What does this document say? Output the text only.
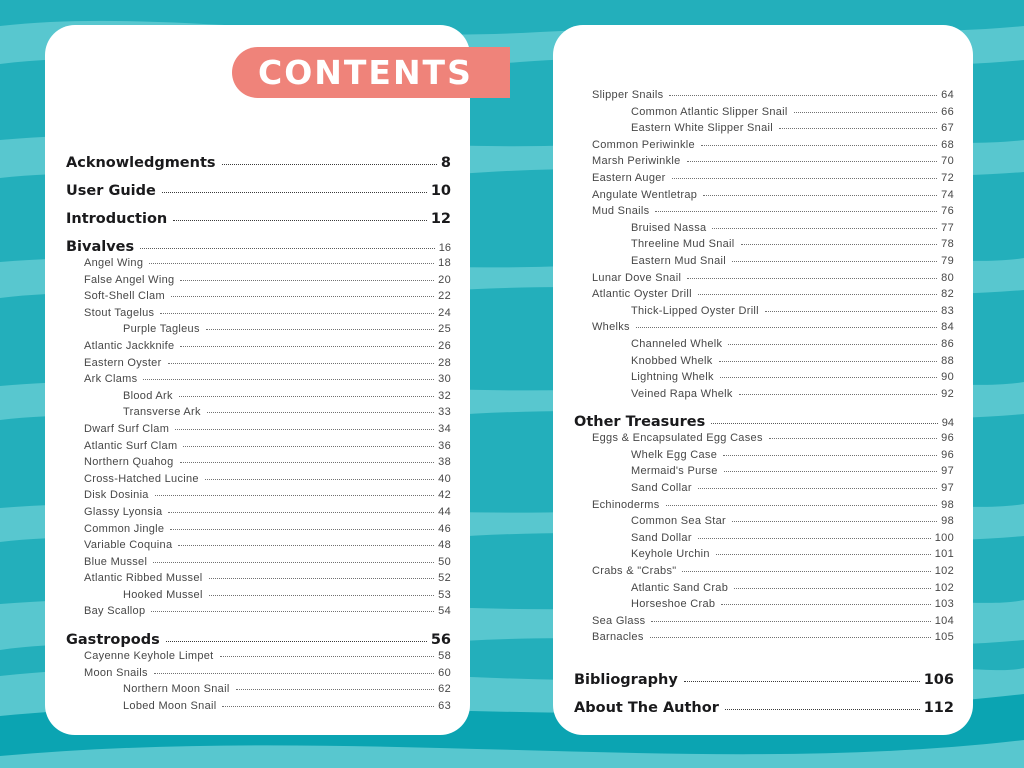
Acknowledgments	8
User Guide	10
Introduction	12
Bivalves	16
Angel Wing	18
False Angel Wing	20
Soft-Shell Clam	22
Stout Tagelus	24
Purple Tagleus	25
Atlantic Jackknife	26
Eastern Oyster	28
Ark Clams	30
Blood Ark	32
Transverse Ark	33
Dwarf Surf Clam	34
Atlantic Surf Clam	36
Northern Quahog	38
Cross-Hatched Lucine	40
Disk Dosinia	42
Glassy Lyonsia	44
Common Jingle	46
Variable Coquina	48
Blue Mussel	50
Atlantic Ribbed Mussel	52
Hooked Mussel	53
Bay Scallop	54
Gastropods	56
Cayenne Keyhole Limpet	58
Moon Snails	60
Northern Moon Snail	62
Lobed Moon Snail	63
Slipper Snails	64
Common Atlantic Slipper Snail	66
Eastern White Slipper Snail	67
Common Periwinkle	68
Marsh Periwinkle	70
Eastern Auger	72
Angulate Wentletrap	74
Mud Snails	76
Bruised Nassa	77
Threeline Mud Snail	78
Eastern Mud Snail	79
Lunar Dove Snail	80
Atlantic Oyster Drill	82
Thick-Lipped Oyster Drill	83
Whelks	84
Channeled Whelk	86
Knobbed Whelk	88
Lightning Whelk	90
Veined Rapa Whelk	92
Other Treasures	94
Eggs & Encapsulated Egg Cases	96
Whelk Egg Case	96
Mermaid's Purse	97
Sand Collar	97
Echinoderms	98
Common Sea Star	98
Sand Dollar	100
Keyhole Urchin	101
Crabs & "Crabs"	102
Atlantic Sand Crab	102
Horseshoe Crab	103
Sea Glass	104
Barnacles	105
Bibliography	106
About The Author	112
CONTENTS
